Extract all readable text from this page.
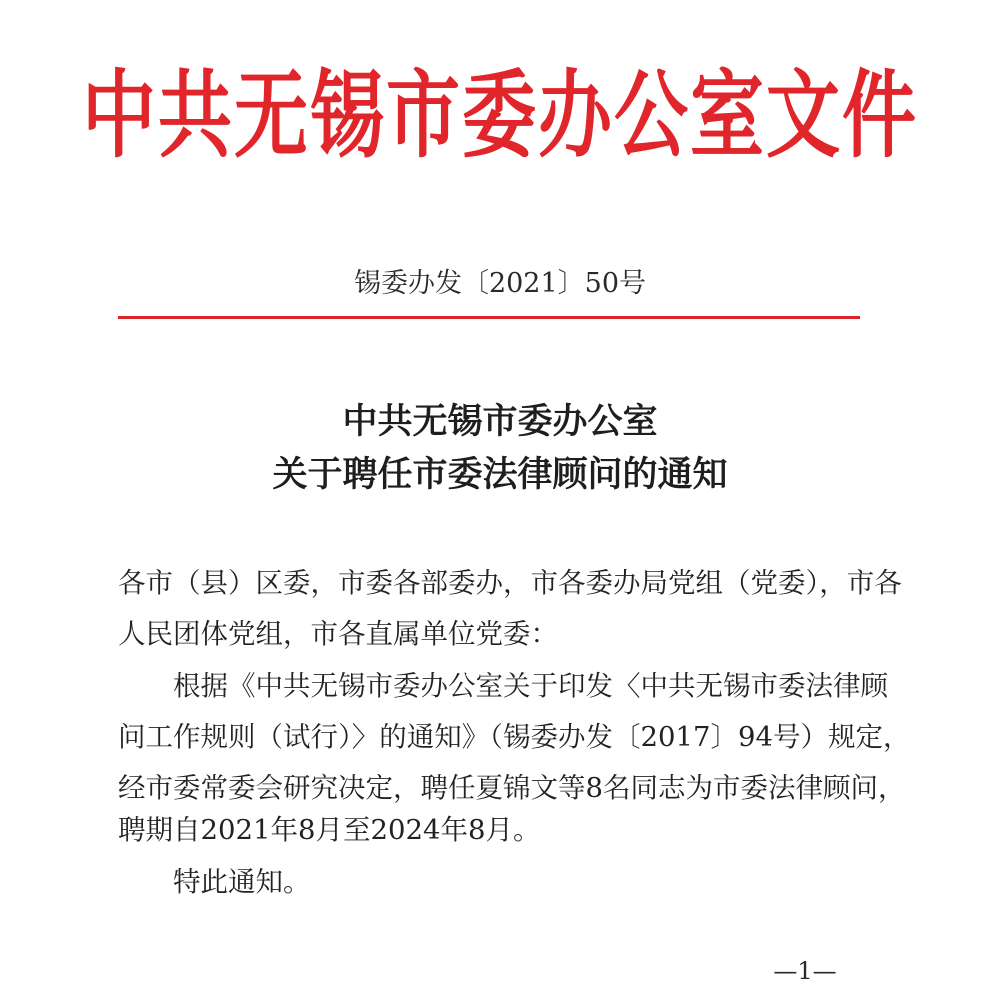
中共无锡市委办公室文件
锡委办发〔2021〕50号
中共无锡市委办公室
关于聘任市委法律顾问的通知
各市（县）区委，市委各部委办，市各委办局党组（党委），市各
人民团体党组，市各直属单位党委：
根据《中共无锡市委办公室关于印发〈中共无锡市委法律顾
问工作规则（试行）〉的通知》（锡委办发〔2017〕94号）规定，
经市委常委会研究决定，聘任夏锦文等8名同志为市委法律顾问，
聘期自2021年8月至2024年8月。
特此通知。
—1—
